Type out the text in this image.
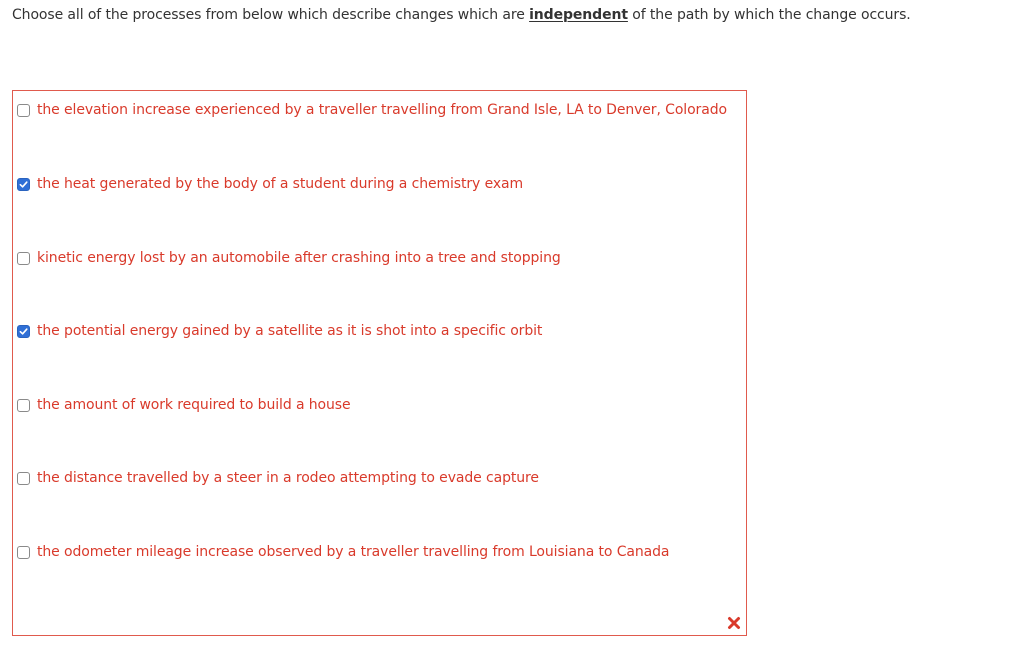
Choose all of the processes from below which describe changes which are independent of the path by which the change occurs.
the elevation increase experienced by a traveller travelling from Grand Isle, LA to Denver, Colorado
the heat generated by the body of a student during a chemistry exam
kinetic energy lost by an automobile after crashing into a tree and stopping
the potential energy gained by a satellite as it is shot into a specific orbit
the amount of work required to build a house
the distance travelled by a steer in a rodeo attempting to evade capture
the odometer mileage increase observed by a traveller travelling from Louisiana to Canada
